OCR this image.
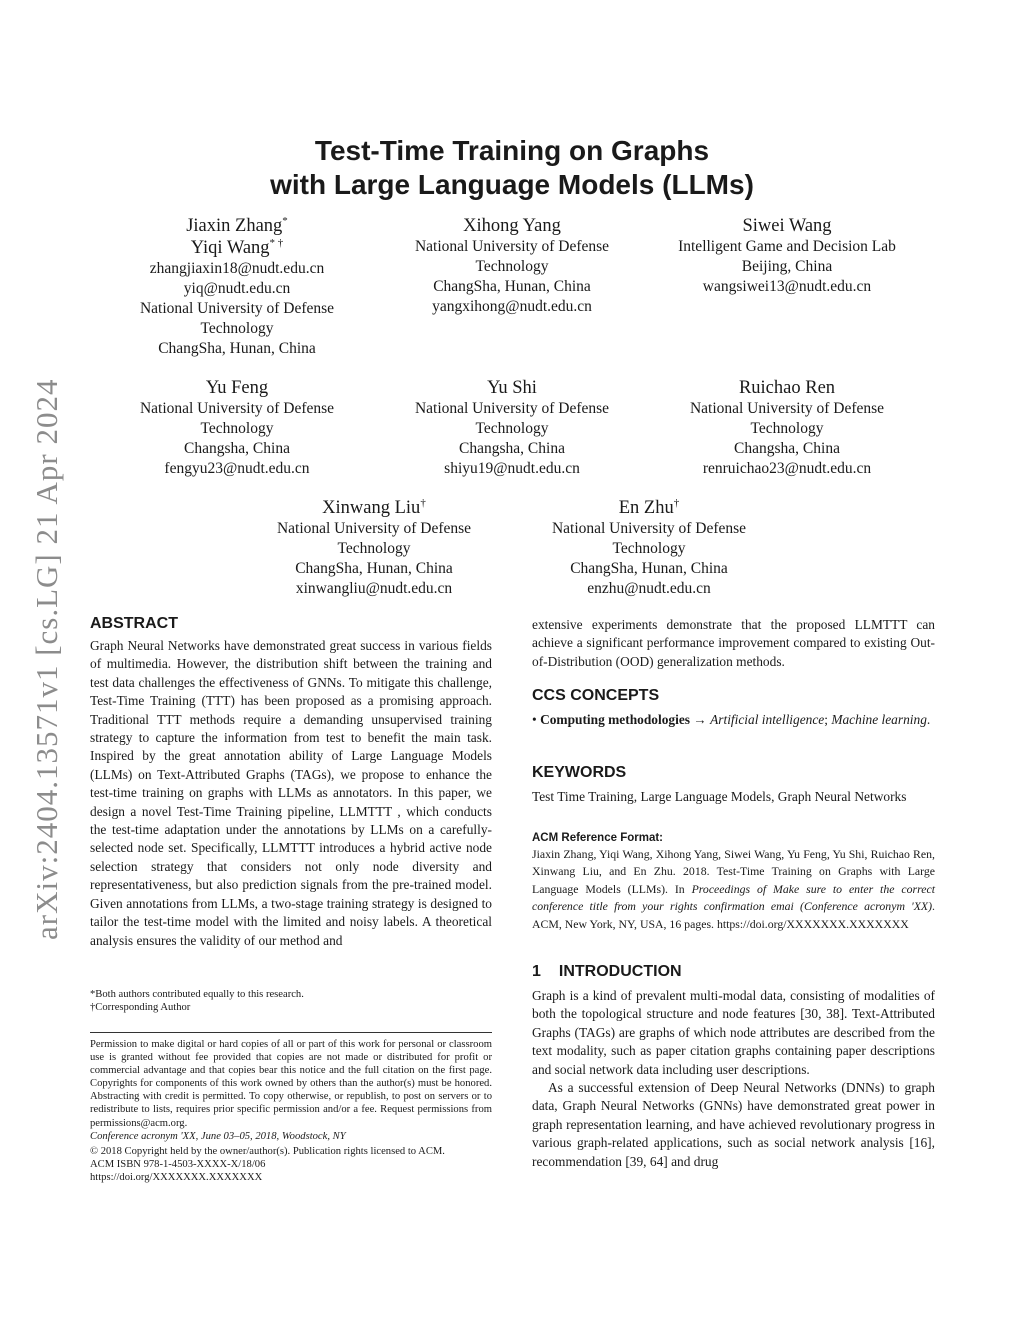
arXiv:2404.13571v1 [cs.LG] 21 Apr 2024
Test-Time Training on Graphs
with Large Language Models (LLMs)
Jiaxin Zhang*
Yiqi Wang* †
zhangjiaxin18@nudt.edu.cn
yiq@nudt.edu.cn
National University of Defense
Technology
ChangSha, Hunan, China
Xihong Yang
National University of Defense
Technology
ChangSha, Hunan, China
yangxihong@nudt.edu.cn
Siwei Wang
Intelligent Game and Decision Lab
Beijing, China
wangsiwei13@nudt.edu.cn
Yu Feng
National University of Defense
Technology
Changsha, China
fengyu23@nudt.edu.cn
Yu Shi
National University of Defense
Technology
Changsha, China
shiyu19@nudt.edu.cn
Ruichao Ren
National University of Defense
Technology
Changsha, China
renruichao23@nudt.edu.cn
Xinwang Liu†
National University of Defense
Technology
ChangSha, Hunan, China
xinwangliu@nudt.edu.cn
En Zhu†
National University of Defense
Technology
ChangSha, Hunan, China
enzhu@nudt.edu.cn
ABSTRACT
Graph Neural Networks have demonstrated great success in various fields of multimedia. However, the distribution shift between the training and test data challenges the effectiveness of GNNs. To mitigate this challenge, Test-Time Training (TTT) has been proposed as a promising approach. Traditional TTT methods require a demanding unsupervised training strategy to capture the information from test to benefit the main task. Inspired by the great annotation ability of Large Language Models (LLMs) on Text-Attributed Graphs (TAGs), we propose to enhance the test-time training on graphs with LLMs as annotators. In this paper, we design a novel Test-Time Training pipeline, LLMTTT , which conducts the test-time adaptation under the annotations by LLMs on a carefully-selected node set. Specifically, LLMTTT introduces a hybrid active node selection strategy that considers not only node diversity and representativeness, but also prediction signals from the pre-trained model. Given annotations from LLMs, a two-stage training strategy is designed to tailor the test-time model with the limited and noisy labels. A theoretical analysis ensures the validity of our method and
*Both authors contributed equally to this research.
†Corresponding Author
Permission to make digital or hard copies of all or part of this work for personal or classroom use is granted without fee provided that copies are not made or distributed for profit or commercial advantage and that copies bear this notice and the full citation on the first page. Copyrights for components of this work owned by others than the author(s) must be honored. Abstracting with credit is permitted. To copy otherwise, or republish, to post on servers or to redistribute to lists, requires prior specific permission and/or a fee. Request permissions from permissions@acm.org.
Conference acronym 'XX, June 03–05, 2018, Woodstock, NY
© 2018 Copyright held by the owner/author(s). Publication rights licensed to ACM.
ACM ISBN 978-1-4503-XXXX-X/18/06
https://doi.org/XXXXXXX.XXXXXXX
extensive experiments demonstrate that the proposed LLMTTT can achieve a significant performance improvement compared to existing Out-of-Distribution (OOD) generalization methods.
CCS CONCEPTS
• Computing methodologies → Artificial intelligence; Machine learning.
KEYWORDS
Test Time Training, Large Language Models, Graph Neural Networks
ACM Reference Format:
Jiaxin Zhang, Yiqi Wang, Xihong Yang, Siwei Wang, Yu Feng, Yu Shi, Ruichao Ren, Xinwang Liu, and En Zhu. 2018. Test-Time Training on Graphs with Large Language Models (LLMs). In Proceedings of Make sure to enter the correct conference title from your rights confirmation emai (Conference acronym 'XX). ACM, New York, NY, USA, 16 pages. https://doi.org/XXXXXXX.XXXXXXX
1 INTRODUCTION
Graph is a kind of prevalent multi-modal data, consisting of modalities of both the topological structure and node features [30, 38]. Text-Attributed Graphs (TAGs) are graphs of which node attributes are described from the text modality, such as paper citation graphs containing paper descriptions and social network data including user descriptions.
As a successful extension of Deep Neural Networks (DNNs) to graph data, Graph Neural Networks (GNNs) have demonstrated great power in graph representation learning, and have achieved revolutionary progress in various graph-related applications, such as social network analysis [16], recommendation [39, 64] and drug
